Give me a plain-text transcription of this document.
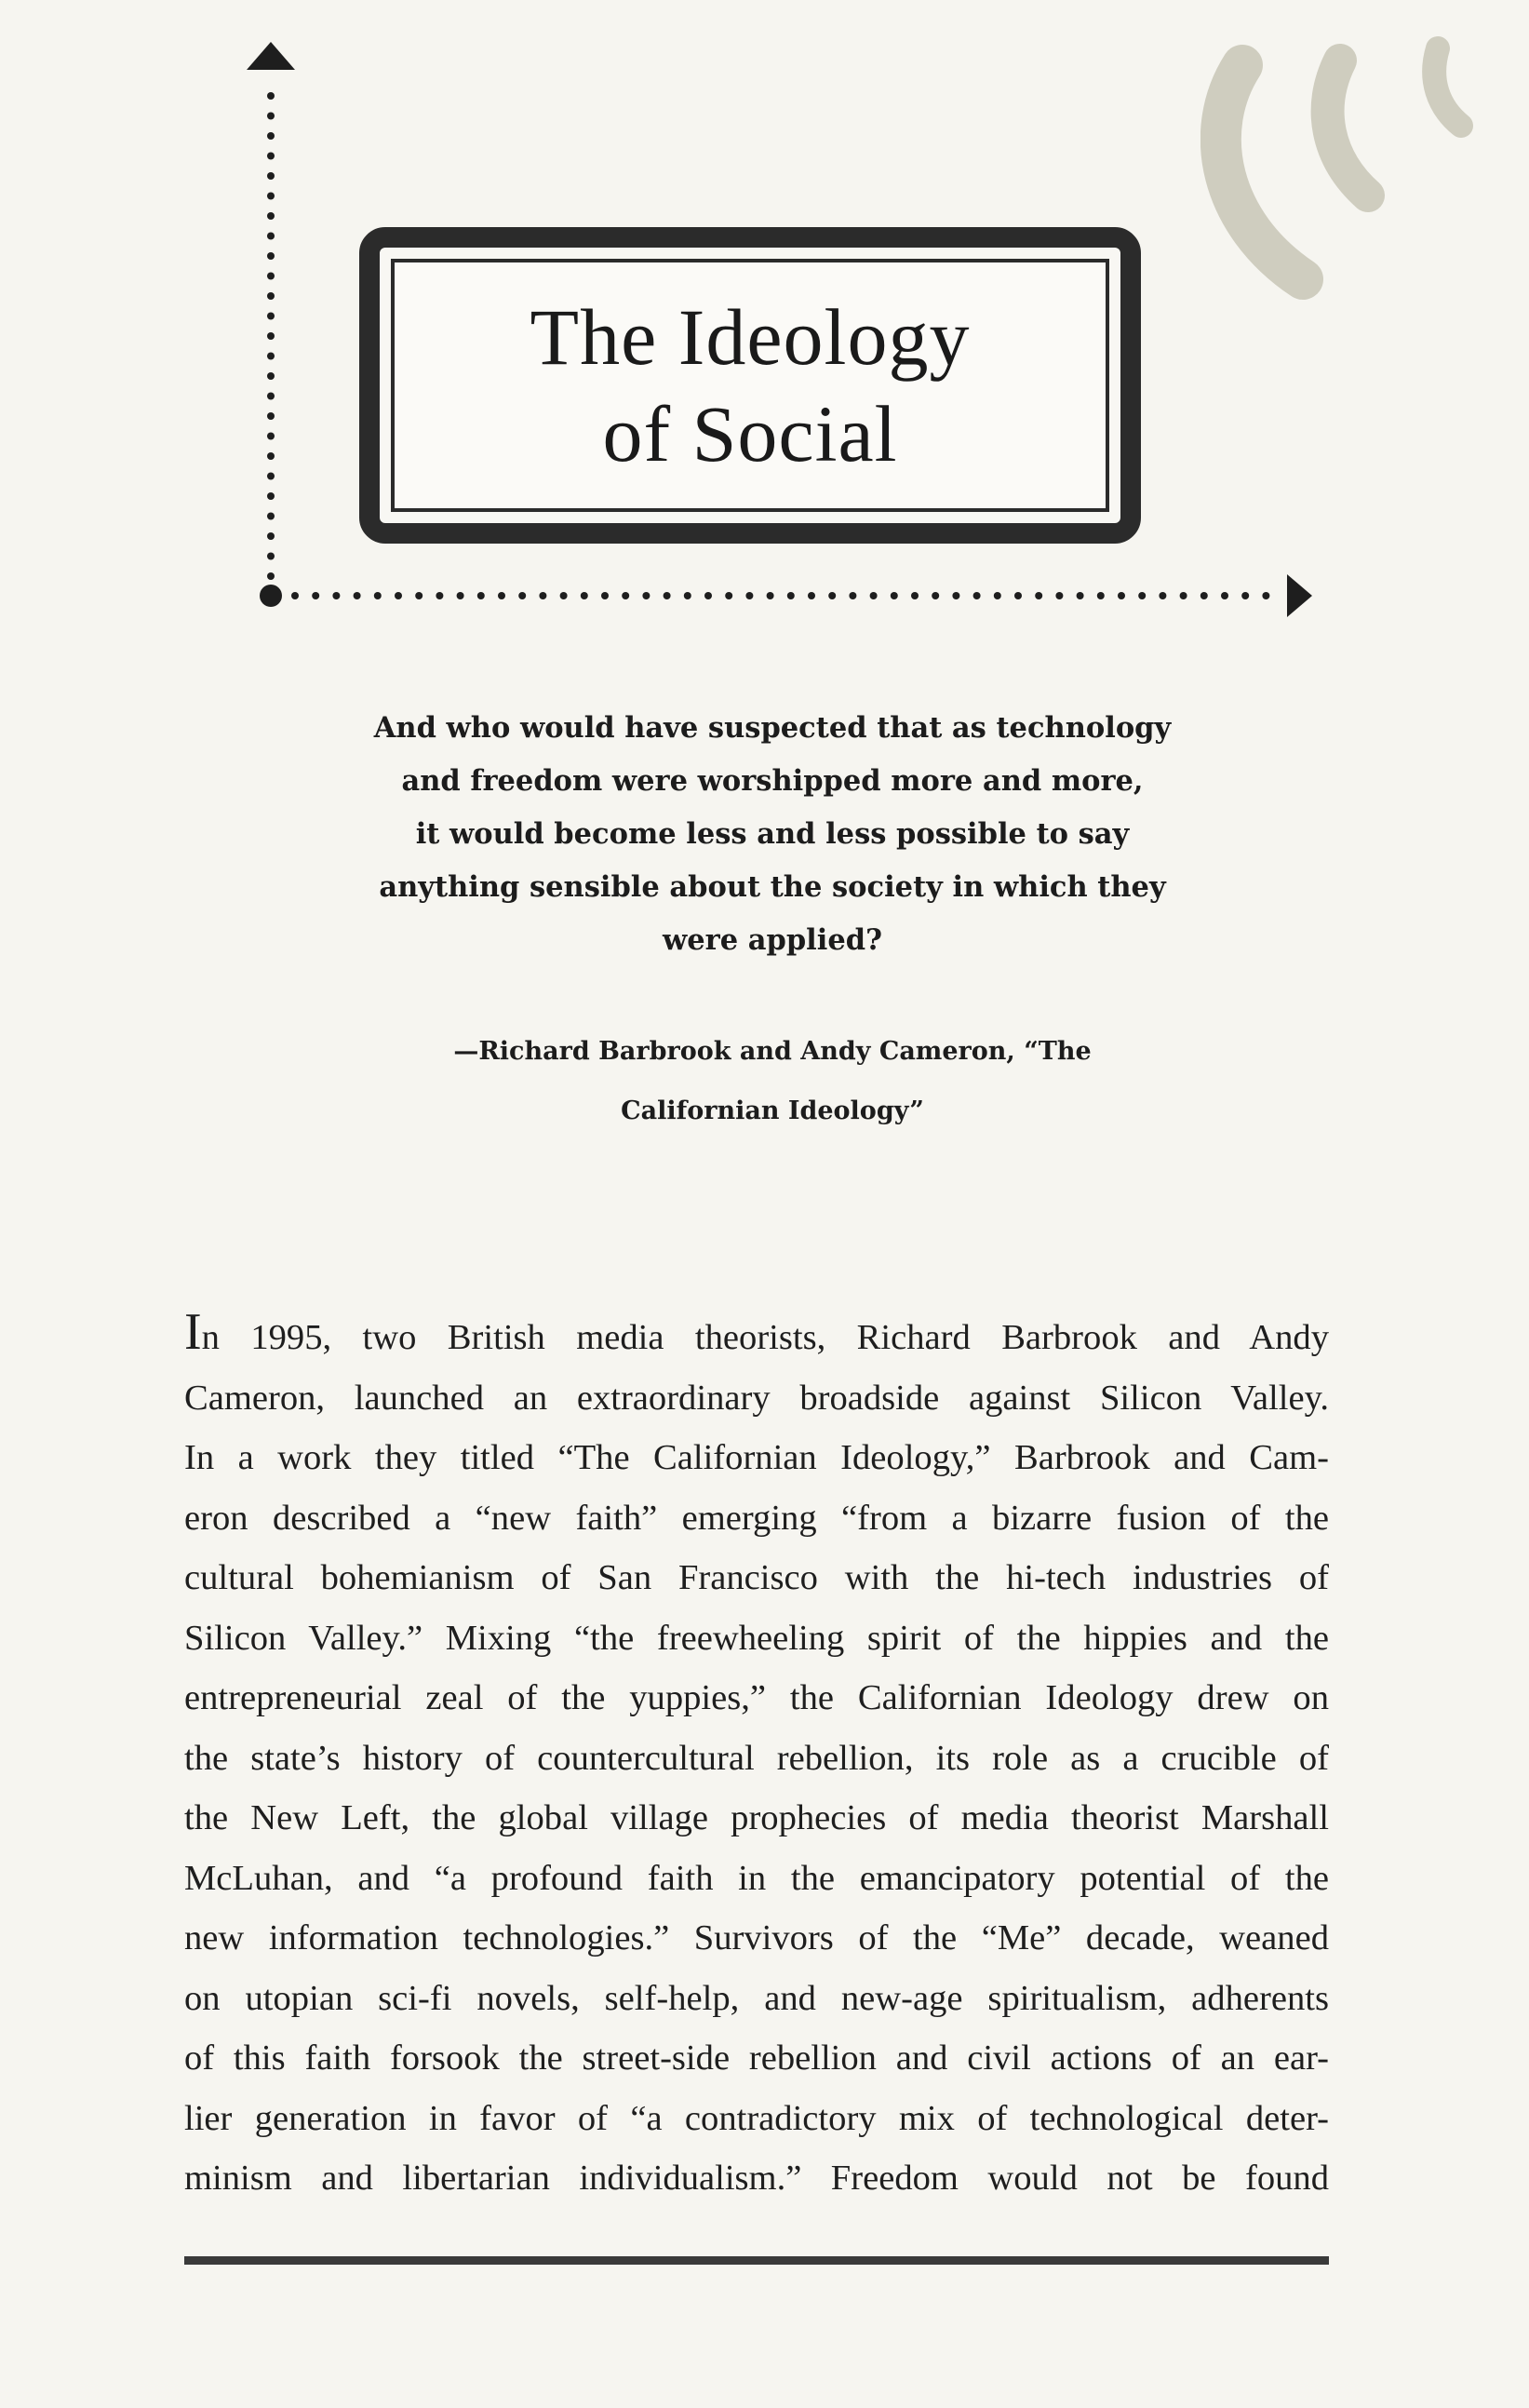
The Ideology
of Social
And who would have suspected that as technology
and freedom were worshipped more and more,
it would become less and less possible to say
anything sensible about the society in which they
were applied?
—Richard Barbrook and Andy Cameron, “The
Californian Ideology”
In 1995, two British media theorists, Richard Barbrook and Andy
Cameron, launched an extraordinary broadside against Silicon Valley.
In a work they titled “The Californian Ideology,” Barbrook and Cam-
eron described a “new faith” emerging “from a bizarre fusion of the
cultural bohemianism of San Francisco with the hi-tech industries of
Silicon Valley.” Mixing “the freewheeling spirit of the hippies and the
entrepreneurial zeal of the yuppies,” the Californian Ideology drew on
the state’s history of countercultural rebellion, its role as a crucible of
the New Left, the global village prophecies of media theorist Marshall
McLuhan, and “a profound faith in the emancipatory potential of the
new information technologies.” Survivors of the “Me” decade, weaned
on utopian sci-fi novels, self-help, and new-age spiritualism, adherents
of this faith forsook the street-side rebellion and civil actions of an ear-
lier generation in favor of “a contradictory mix of technological deter-
minism and libertarian individualism.” Freedom would not be found
